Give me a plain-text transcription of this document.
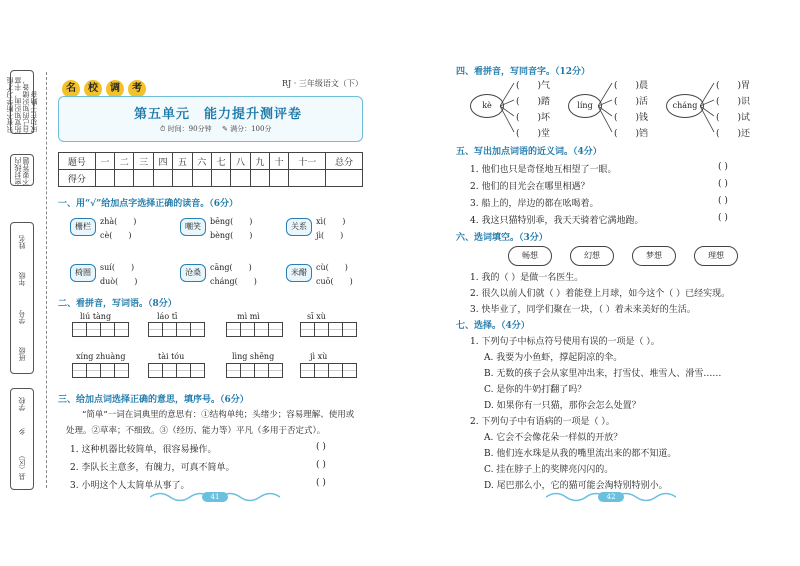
只有不断学习才能拓宽知识面，丰富自己的知识储备，成功在于勤奋
密封线内不要答题
班级
学号
年级
姓名
县（区）
乡
学校
名 校 调 考	RJ · 三年级语文（下）
第五单元　能力提升测评卷
⏱ 时间：90分钟 ✎ 满分：100分
题号	一	二	三	四	五	六	七	八	九	十	十一	总分
得分												
一、用“√”给加点字选择正确的读音。（6分）
栅栏
zhà(　　 )
cè(　　 )
嘲笑
bēng(　　 )
bèng(　　 )
关系
xì(　　 )
jì(　　 )
椅圈
suí(　　 )
duò(　　 )
沧桑
cāng(　　 )
cháng(　　 )
米醋
cù(　　 )
cuō(　　 )
二、看拼音，写词语。（8分）
liú tàng	láo tī	mì mì	sī xù
xíng zhuàng	tài tóu	lìng shēng	jì xù
三、给加点词选择正确的意思，填序号。（6分）
“简单”一词在词典里的意思有：①结构单纯；头绪少；容易理解、使用或
处理。②草率；不细致。③（经历、能力等）平凡（多用于否定式）。
1. 这种机器比较简单，很容易操作。
2. 李队长主意多，有魄力，可真不简单。
3. 小明这个人太简单从事了。
( )
( )
( )
41
四、看拼音，写同音字。（12分）
kè
(　　)气
(　　)踏
(　　)坏
(　　)堂
líng
(　　)晨
(　　)活
(　　)钱
(　　)铛
cháng
(　　)胃
(　　)识
(　　)试
(　　)还
五、写出加点词语的近义词。（4分）
1. 他们也只是奇怪地互相望了一眼。
2. 他们的目光会在哪里相遇？
3. 船上的，岸边的都在吆喝着。
4. 我这只猫特别乖，我天天骑着它满地跑。
( )
( )
( )
( )
六、选词填空。（3分）
畅想	幻想	梦想	理想
1. 我的（ ）是做一名医生。
2. 很久以前人们就（ ）着能登上月球，如今这个（ ）已经实现。
3. 快毕业了，同学们聚在一块，（ ）着未来美好的生活。
七、选择。（4分）
1. 下列句子中标点符号使用有误的一项是（ ）。
A. 我要为小鱼虾，撑起阴凉的伞。
B. 无数的孩子会从家里冲出来，打雪仗、堆雪人、滑雪……
C. 是你的牛奶打翻了吗？
D. 如果你有一只猫，那你会怎么处置？
2. 下列句子中有语病的一项是（ ）。
A. 它会不会像花朵一样似的开放？
B. 他们连水珠是从我的嘴里流出来的都不知道。
C. 挂在脖子上的奖牌亮闪闪的。
D. 尾巴那么小，它的猫可能会淘特别特别小。
42
